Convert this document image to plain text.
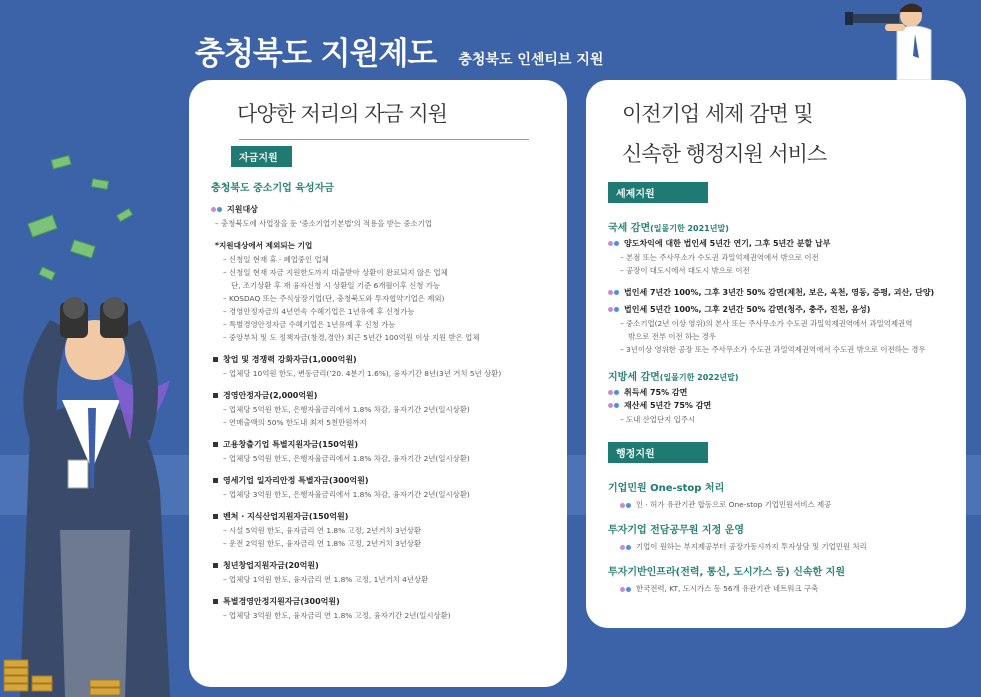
충청북도 지원제도 충청북도 인센티브 지원
다양한 저리의 자금 지원
자금지원
충청북도 중소기업 육성자금
지원대상
– 충청북도에 사업장을 둔 '중소기업기본법'의 적용을 받는 중소기업
*지원대상에서 제외되는 기업
– 신청일 현재 휴 · 폐업중인 업체
– 신청일 현재 자금 지원한도까지 대출받아 상환이 완료되지 않은 업체
단, 조기상환 후 재 융자신청 시 상환일 기준 6개월이후 신청 가능
– KOSDAQ 또는 주식상장기업(단, 충청북도와 투자협약기업은 제외)
– 경영안정자금의 4년연속 수혜기업은 1년유예 후 신청가능
– 특별경영안정자금 수혜기업은 1년유예 후 신청 가능
– 중앙부처 및 도 정책자금(창경,경안) 최근 5년간 100억원 이상 지원 받은 업체
창업 및 경쟁력 강화자금(1,000억원)
– 업체당 10억원 한도, 변동금리(’20. 4분기 1.6%), 융자기간 8년(3년 거치 5년 상환)
경영안정자금(2,000억원)
– 업체당 5억원 한도, 은행자율금리에서 1.8% 차감, 융자기간 2년(일시상환)
– 연매출액의 50% 한도내 최저 5천만원까지
고용창출기업 특별지원자금(150억원)
– 업체당 5억원 한도, 은행자율금리에서 1.8% 차감, 융자기간 2년(일시상환)
영세기업 일자리안정 특별자금(300억원)
– 업체당 3억원 한도, 은행자율금리에서 1.8% 차감, 융자기간 2년(일시상환)
벤처 · 지식산업지원자금(150억원)
– 시설 5억원 한도, 융자금리 연 1.8% 고정, 2년거치 3년상환
– 운전 2억원 한도, 융자금리 연 1.8% 고정, 2년거치 3년상환
청년창업지원자금(20억원)
– 업체당 1억원 한도, 융자금리 연 1.8% 고정, 1년거치 4년상환
특별경영안정지원자금(300억원)
– 업체당 3억원 한도, 융자금리 연 1.8% 고정, 융자기간 2년(일시상환)
이전기업 세제 감면 및
신속한 행정지원 서비스
세제지원
국세 감면(일몰기한 2021년말)
양도차익에 대한 법인세 5년간 연기, 그후 5년간 분할 납부
– 본점 또는 주사무소가 수도권 과밀억제권역에서 밖으로 이전
– 공장이 대도시에서 대도시 밖으로 이전
법인세 7년간 100%, 그후 3년간 50% 감면(제천, 보은, 옥천, 영동, 증평, 괴산, 단양)
법인세 5년간 100%, 그후 2년간 50% 감면(청주, 충주, 진천, 음성)
– 중소기업(2년 이상 영위)의 본사 또는 주사무소가 수도권 과밀억제권역에서 과밀억제권역
밖으로 전부 이전 하는 경우
– 3년이상 영위한 공장 또는 주사무소가 수도권 과밀억제권역에서 수도권 밖으로 이전하는 경우
지방세 감면(일몰기한 2022년말)
취득세 75% 감면
재산세 5년간 75% 감면
– 도내 산업단지 입주시
행정지원
기업민원 One-stop 처리
인 · 허가 유관기관 합동으로 One-stop 기업민원서비스 제공
투자기업 전담공무원 지정 운영
기업이 원하는 부지제공부터 공장가동시까지 투자상담 및 기업민원 처리
투자기반인프라(전력, 통신, 도시가스 등) 신속한 지원
한국전력, KT, 도시가스 등 56개 유관기관 네트워크 구축
